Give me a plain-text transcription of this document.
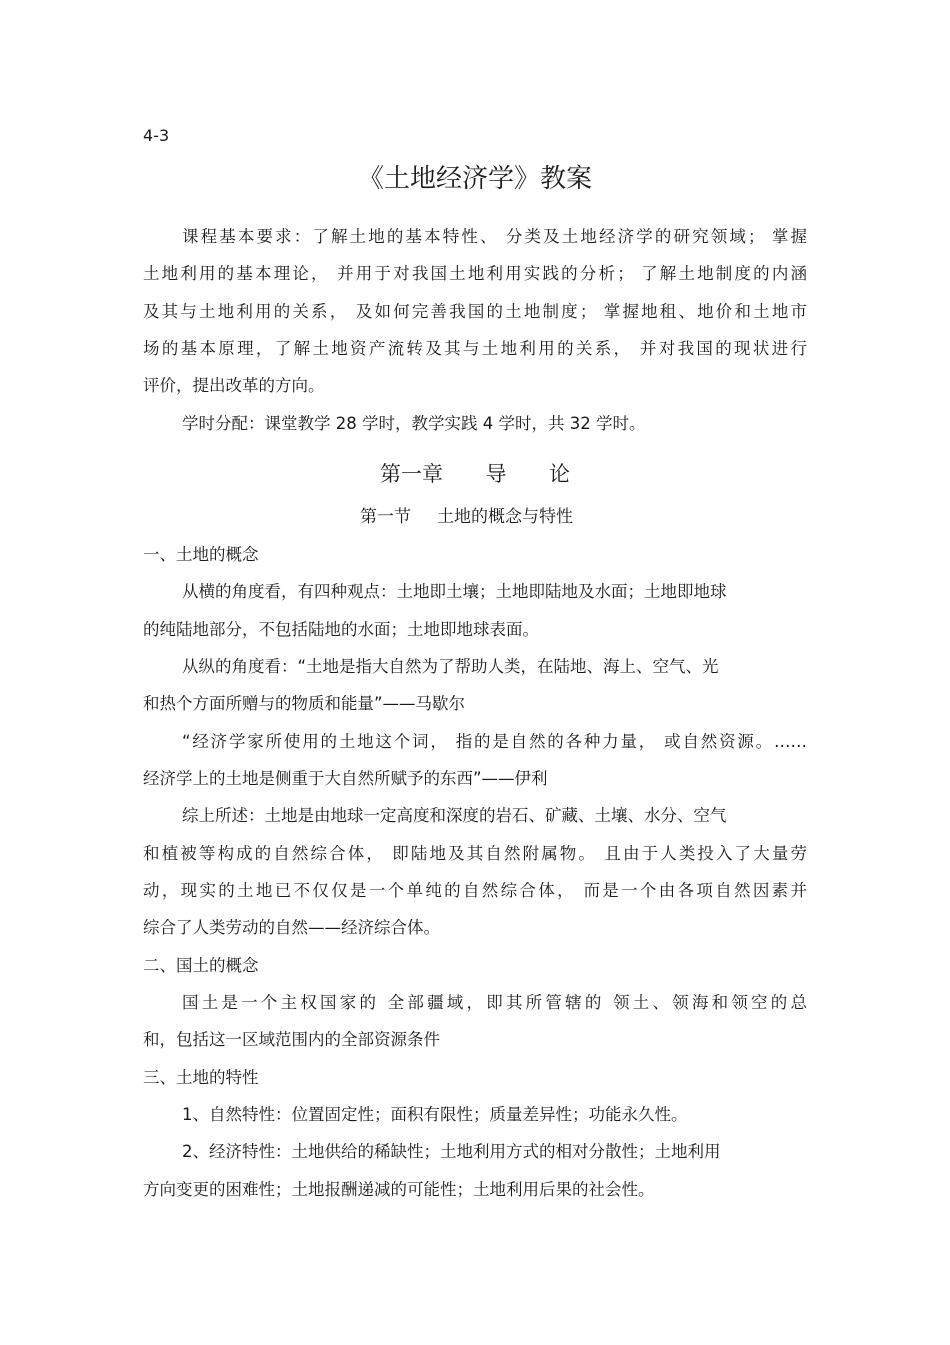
4-3
《土地经济学》教案
课程基本要求：了解土地的基本特性、 分类及土地经济学的研究领域； 掌握
土地利用的基本理论， 并用于对我国土地利用实践的分析； 了解土地制度的内涵
及其与土地利用的关系， 及如何完善我国的土地制度； 掌握地租、地价和土地市
场的基本原理，了解土地资产流转及其与土地利用的关系， 并对我国的现状进行
评价，提出改革的方向。
学时分配：课堂教学 28 学时，教学实践 4 学时，共 32 学时。
第一章 导 论
第一节 土地的概念与特性
一、土地的概念
从横的角度看，有四种观点：土地即土壤；土地即陆地及水面；土地即地球
的纯陆地部分，不包括陆地的水面；土地即地球表面。
从纵的角度看：“土地是指大自然为了帮助人类，在陆地、海上、空气、光
和热个方面所赠与的物质和能量”——马歇尔
“经济学家所使用的土地这个词， 指的是自然的各种力量， 或自然资源。……
经济学上的土地是侧重于大自然所赋予的东西”——伊利
综上所述：土地是由地球一定高度和深度的岩石、矿藏、土壤、水分、空气
和植被等构成的自然综合体， 即陆地及其自然附属物。 且由于人类投入了大量劳
动，现实的土地已不仅仅是一个单纯的自然综合体， 而是一个由各项自然因素并
综合了人类劳动的自然——经济综合体。
二、国土的概念
国土是一个主权国家的 全部疆域，即其所管辖的 领土、领海和领空的总
和，包括这一区域范围内的全部资源条件
三、土地的特性
1、自然特性：位置固定性；面积有限性；质量差异性；功能永久性。
2、经济特性：土地供给的稀缺性；土地利用方式的相对分散性；土地利用
方向变更的困难性；土地报酬递减的可能性；土地利用后果的社会性。
